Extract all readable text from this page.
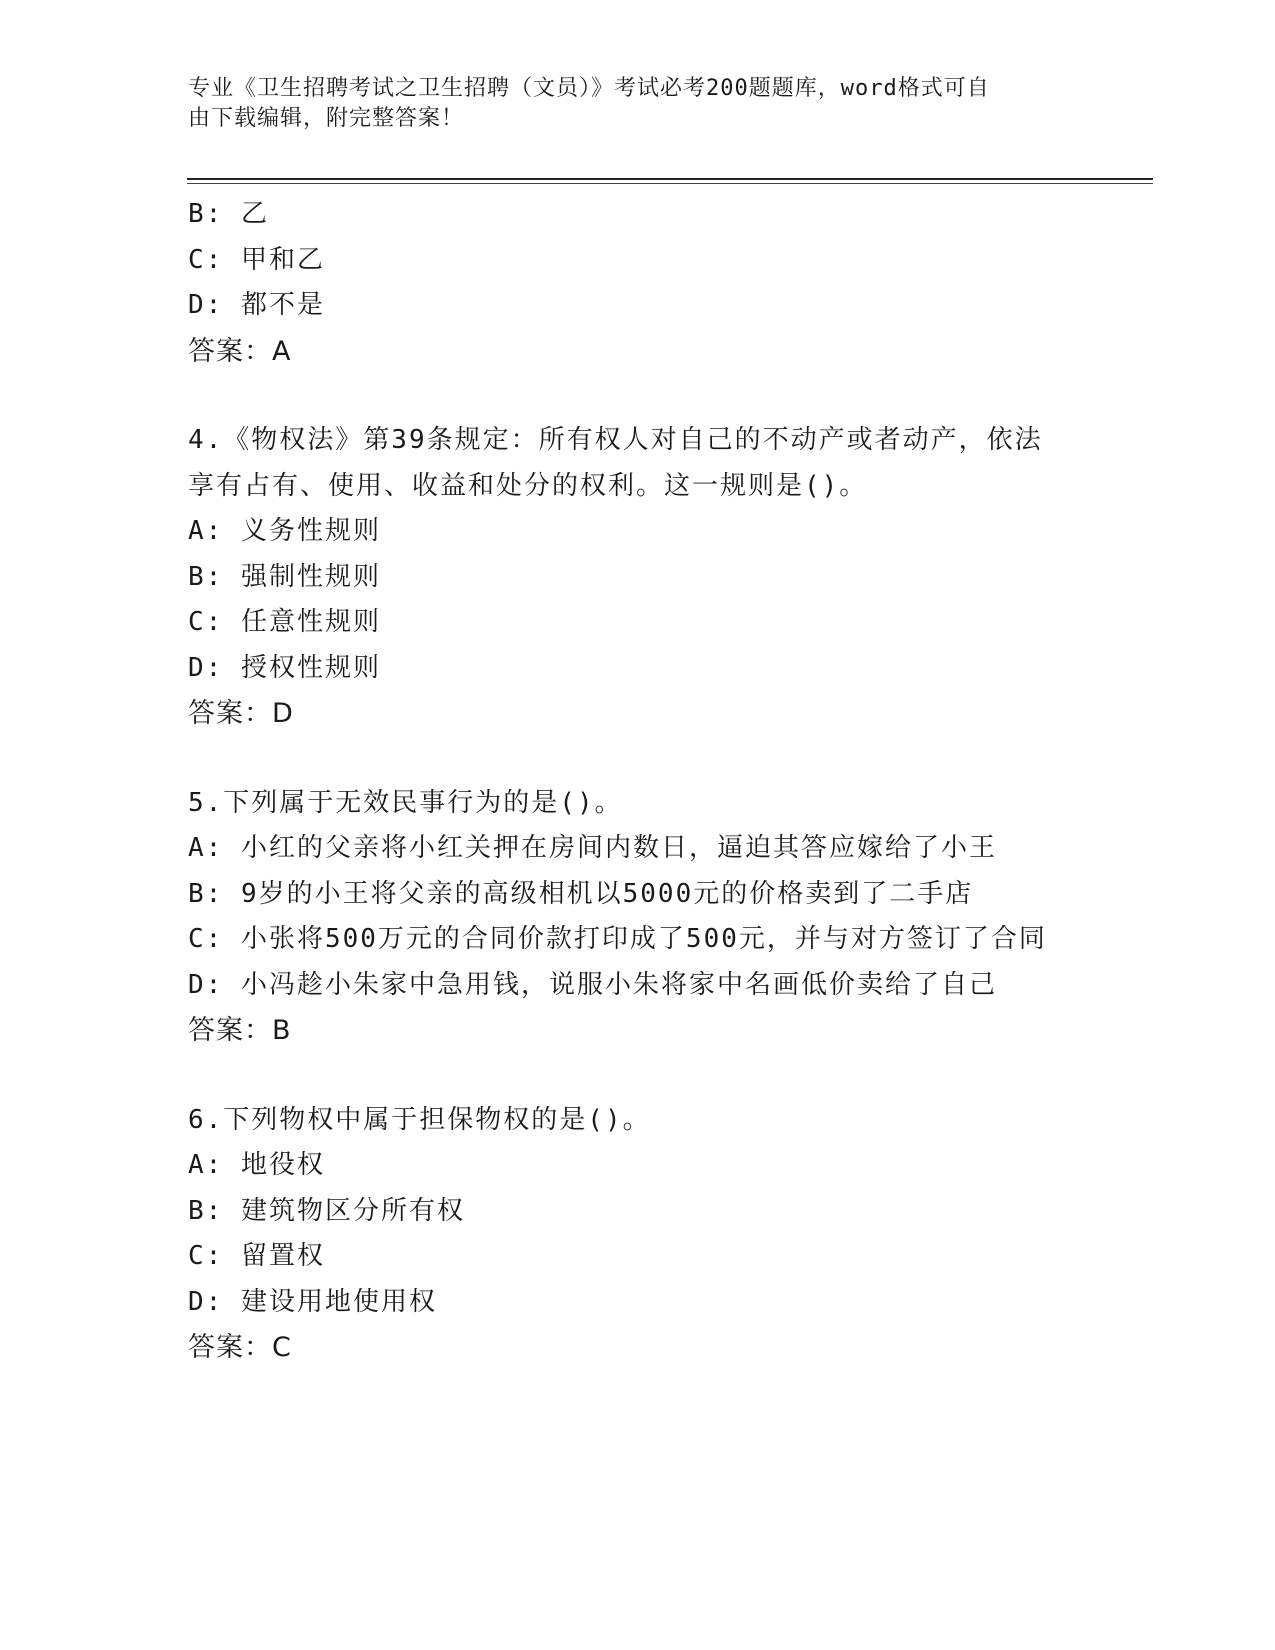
专业《卫生招聘考试之卫生招聘（文员）》考试必考200题题库，word格式可自
由下载编辑，附完整答案！
B: 乙
C: 甲和乙
D: 都不是
答案：A
4.《物权法》第39条规定：所有权人对自己的不动产或者动产，依法
享有占有、使用、收益和处分的权利。这一规则是()。
A: 义务性规则
B: 强制性规则
C: 任意性规则
D: 授权性规则
答案：D
5.下列属于无效民事行为的是()。
A: 小红的父亲将小红关押在房间内数日，逼迫其答应嫁给了小王
B: 9岁的小王将父亲的高级相机以5000元的价格卖到了二手店
C: 小张将500万元的合同价款打印成了500元，并与对方签订了合同
D: 小冯趁小朱家中急用钱，说服小朱将家中名画低价卖给了自己
答案：B
6.下列物权中属于担保物权的是()。
A: 地役权
B: 建筑物区分所有权
C: 留置权
D: 建设用地使用权
答案：C
